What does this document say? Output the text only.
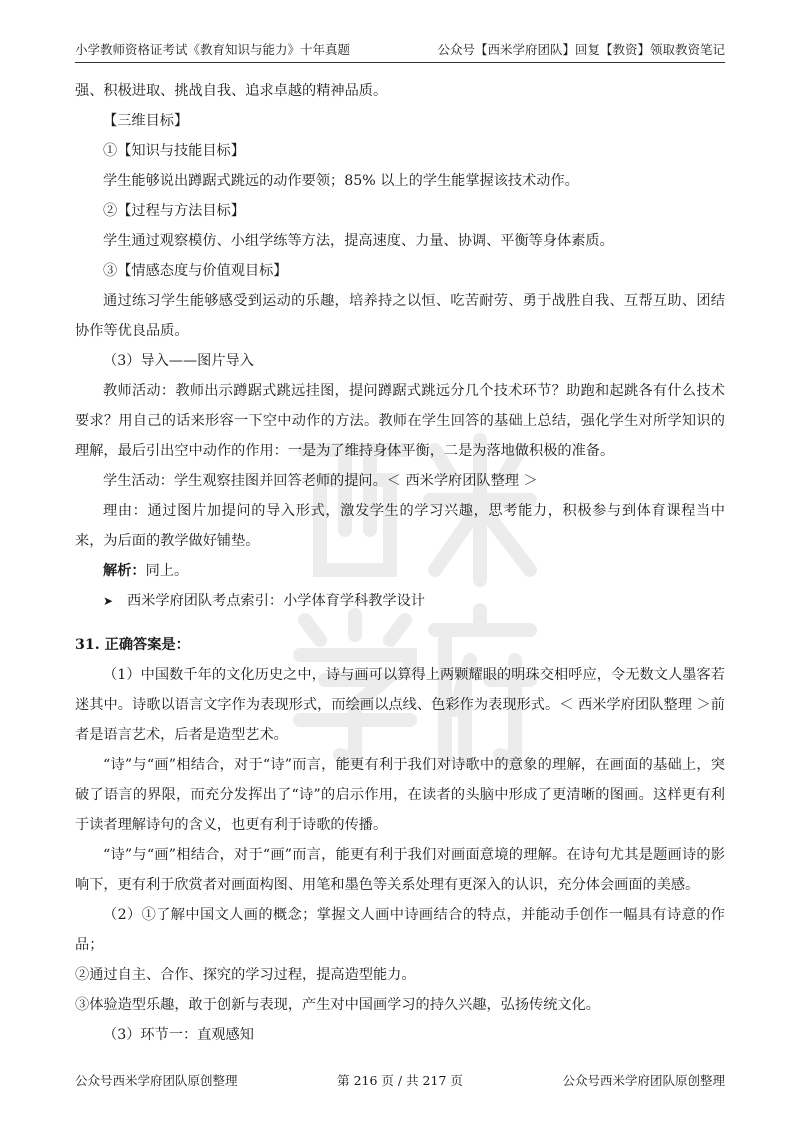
小学教师资格证考试《教育知识与能力》十年真题	公众号【西米学府团队】回复【教资】领取教资笔记

强、积极进取、挑战自我、追求卓越的精神品质。

【三维目标】

①【知识与技能目标】

学生能够说出蹲踞式跳远的动作要领；85% 以上的学生能掌握该技术动作。

②【过程与方法目标】

学生通过观察模仿、小组学练等方法，提高速度、力量、协调、平衡等身体素质。

③【情感态度与价值观目标】

通过练习学生能够感受到运动的乐趣，培养持之以恒、吃苦耐劳、勇于战胜自我、互帮互助、团结协作等优良品质。

（3）导入——图片导入

教师活动：教师出示蹲踞式跳远挂图，提问蹲踞式跳远分几个技术环节？助跑和起跳各有什么技术要求？用自己的话来形容一下空中动作的方法。教师在学生回答的基础上总结，强化学生对所学知识的理解，最后引出空中动作的作用：一是为了维持身体平衡，二是为落地做积极的准备。

学生活动：学生观察挂图并回答老师的提问。＜ 西米学府团队整理 ＞

理由：通过图片加提问的导入形式，激发学生的学习兴趣，思考能力，积极参与到体育课程当中来，为后面的教学做好铺垫。

解析：同上。

➤ 西米学府团队考点索引：小学体育学科教学设计

31. 正确答案是：

（1）中国数千年的文化历史之中，诗与画可以算得上两颗耀眼的明珠交相呼应，令无数文人墨客若迷其中。诗歌以语言文字作为表现形式，而绘画以点线、色彩作为表现形式。＜ 西米学府团队整理 ＞前者是语言艺术，后者是造型艺术。

“诗”与“画”相结合，对于“诗”而言，能更有利于我们对诗歌中的意象的理解，在画面的基础上，突破了语言的界限，而充分发挥出了“诗”的启示作用，在读者的头脑中形成了更清晰的图画。这样更有利于读者理解诗句的含义，也更有利于诗歌的传播。

“诗”与“画”相结合，对于“画”而言，能更有利于我们对画面意境的理解。在诗句尤其是题画诗的影响下，更有利于欣赏者对画面构图、用笔和墨色等关系处理有更深入的认识，充分体会画面的美感。

（2）①了解中国文人画的概念；掌握文人画中诗画结合的特点，并能动手创作一幅具有诗意的作品；

②通过自主、合作、探究的学习过程，提高造型能力。

③体验造型乐趣，敢于创新与表现，产生对中国画学习的持久兴趣，弘扬传统文化。

（3）环节一：直观感知

公众号西米学府团队原创整理	第 216 页 / 共 217 页	公众号西米学府团队原创整理
